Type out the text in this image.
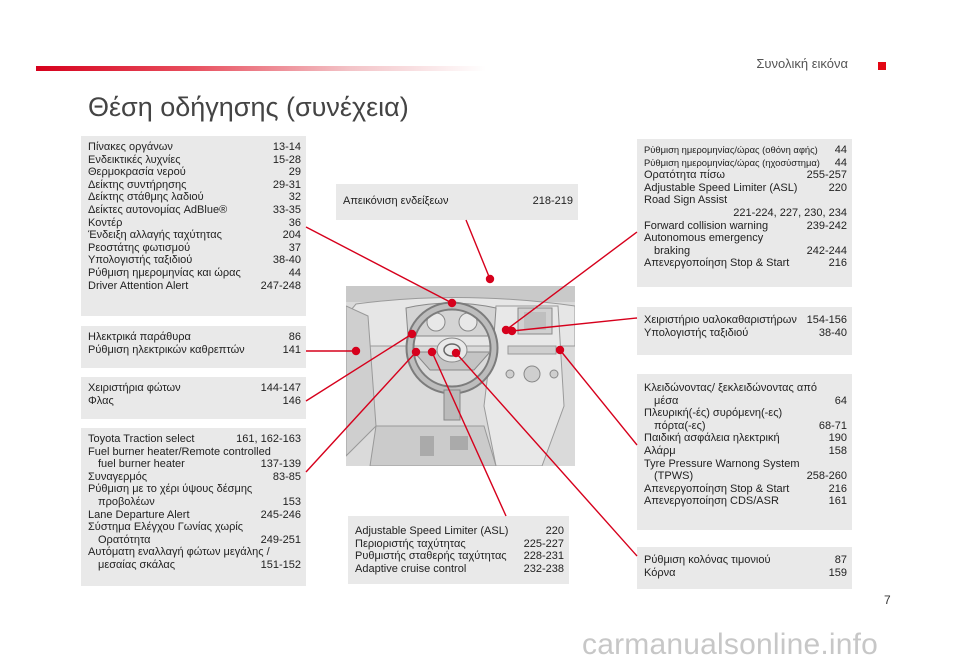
Συνολική εικόνα
Θέση οδήγησης (συνέχεια)
Πίνακες οργάνων	13-14
Ενδεικτικές λυχνίες	15-28
Θερμοκρασία νερού	29
Δείκτης συντήρησης	29-31
Δείκτης στάθμης λαδιού	32
Δείκτες αυτονομίας AdBlue®	33-35
Κοντέρ	36
Ένδειξη αλλαγής ταχύτητας	204
Ρεοστάτης φωτισμού	37
Υπολογιστής ταξιδιού	38-40
Ρύθμιση ημερομηνίας και ώρας	44
Driver Attention Alert	247-248
Ηλεκτρικά παράθυρα	86
Ρύθμιση ηλεκτρικών καθρεπτών	141
Χειριστήρια φώτων	144-147
Φλας	146
Toyota Traction select	161, 162-163
Fuel burner heater/Remote controlled
fuel burner heater	137-139
Συναγερμός	83-85
Ρύθμιση με το χέρι ύψους δέσμης
προβολέων	153
Lane Departure Alert	245-246
Σύστημα Ελέγχου Γωνίας χωρίς
Ορατότητα	249-251
Αυτόματη εναλλαγή φώτων μεγάλης /
μεσαίας σκάλας	151-152
Απεικόνιση ενδείξεων	218-219
Adjustable Speed Limiter (ASL)	220
Περιοριστής ταχύτητας	225-227
Ρυθμιστής σταθερής ταχύτητας	228-231
Adaptive cruise control	232-238
Ρύθμιση ημερομηνίας/ώρας (οθόνη αφής)	44
Ρύθμιση ημερομηνίας/ώρας (ηχοσύστημα)	44
Ορατότητα πίσω	255-257
Adjustable Speed Limiter (ASL)	220
Road Sign Assist
221-224, 227, 230, 234
Forward collision warning	239-242
Autonomous emergency
braking	242-244
Απενεργοποίηση Stop & Start	216
Χειριστήριο υαλοκαθαριστήρων 154-156
Υπολογιστής ταξιδιού	38-40
Κλειδώνοντας/ ξεκλειδώνοντας από
μέσα	64
Πλευρική(-ές) συρόμενη(-ες)
πόρτα(-ες)	68-71
Παιδική ασφάλεια ηλεκτρική	190
Αλάρμ	158
Tyre Pressure Warnong System
(TPWS)	258-260
Απενεργοποίηση Stop & Start	216
Απενεργοποίηση CDS/ASR	161
Ρύθμιση κολόνας τιμονιού	87
Κόρνα	159
7
carmanualsonline.info
